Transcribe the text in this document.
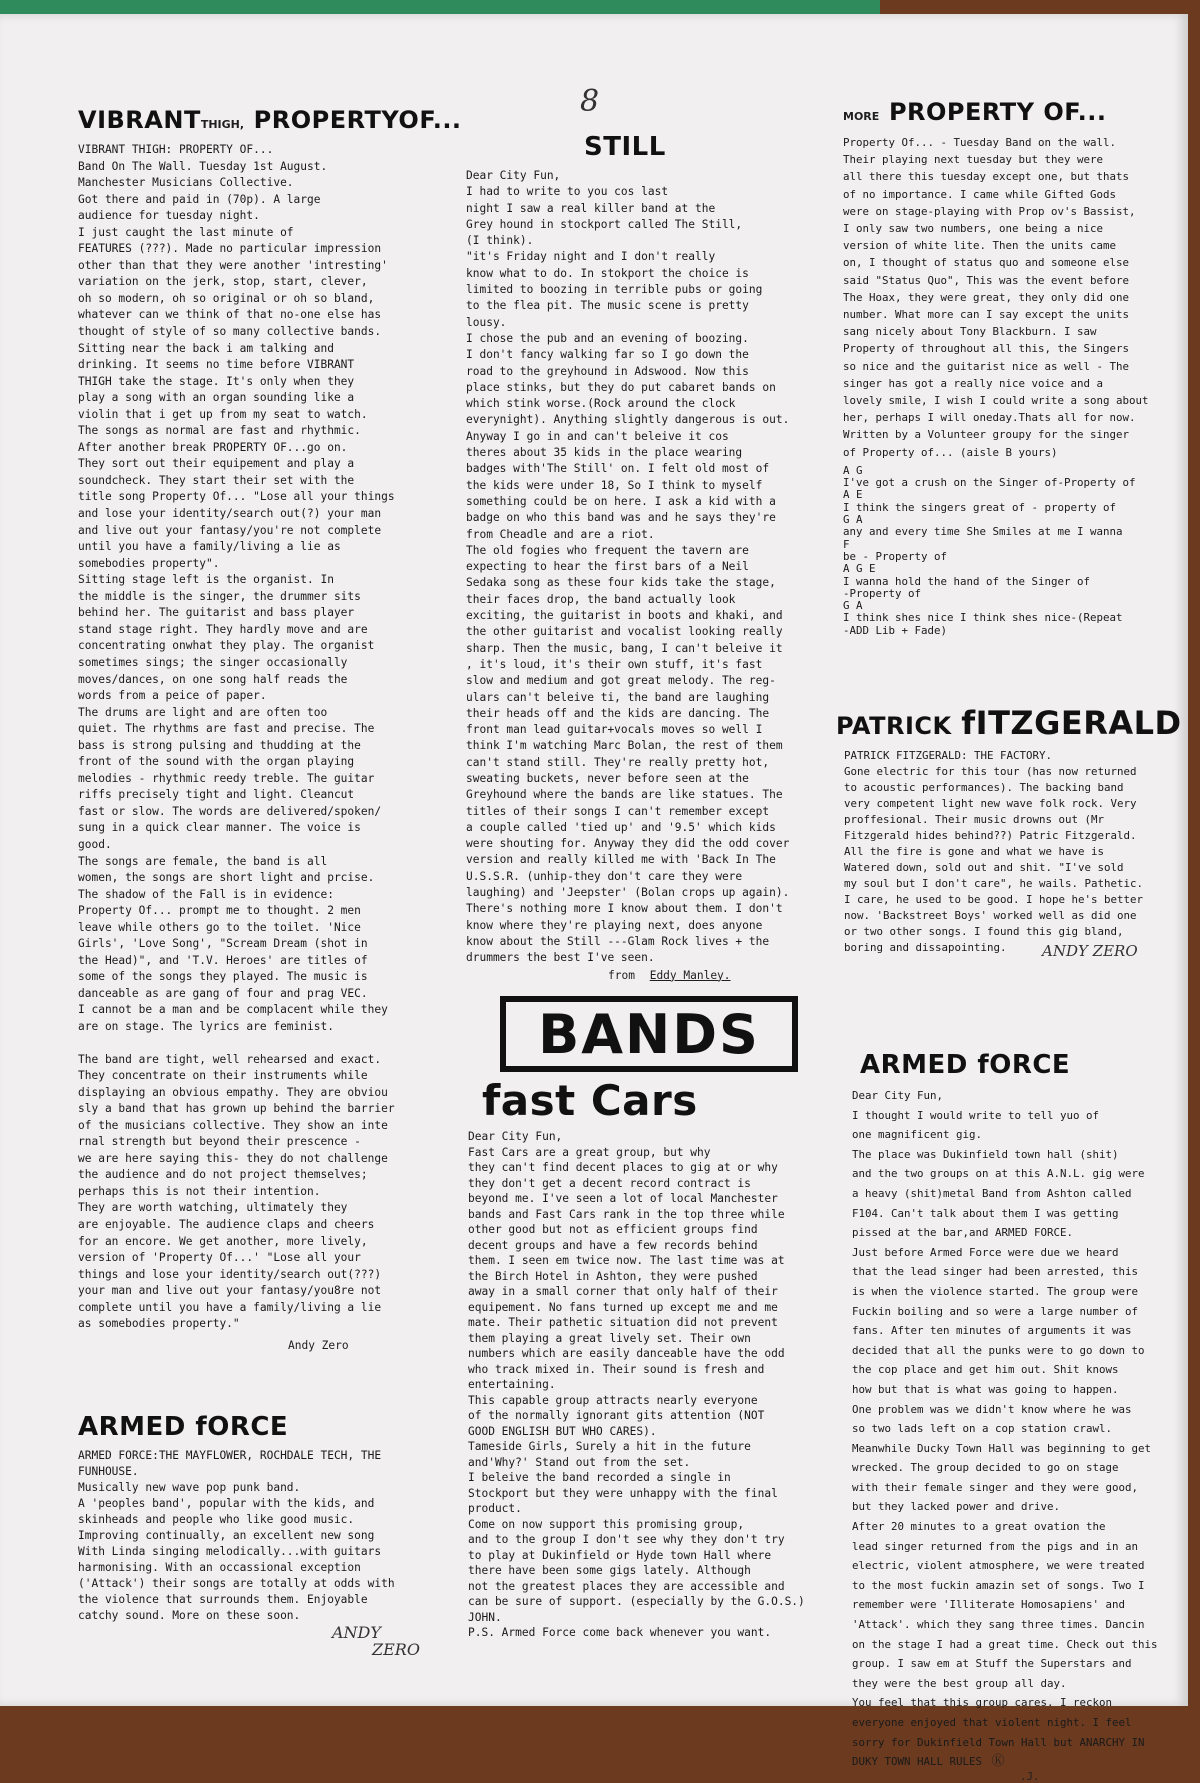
8
VIBRANTTHIGH, PROPERTYOF...

VIBRANT THIGH: PROPERTY OF...
Band On The Wall. Tuesday 1st August.
Manchester Musicians Collective.
Got there and paid in (70p). A large
audience for tuesday night.
I just caught the last minute of
FEATURES (???). Made no particular impression
other than that they were another 'intresting'
variation on the jerk, stop, start, clever,
oh so modern, oh so original or oh so bland,
whatever can we think of that no-one else has
thought of style of so many collective bands.
Sitting near the back i am talking and
drinking. It seems no time before VIBRANT
THIGH take the stage. It's only when they
play a song with an organ sounding like a
violin that i get up from my seat to watch.
The songs as normal are fast and rhythmic.
After another break PROPERTY OF...go on.
They sort out their equipement and play a
soundcheck. They start their set with the
title song Property Of... "Lose all your things
and lose your identity/search out(?) your man
and live out your fantasy/you're not complete
until you have a family/living a lie as
somebodies property".
Sitting stage left is the organist. In
the middle is the singer, the drummer sits
behind her. The guitarist and bass player
stand stage right. They hardly move and are
concentrating onwhat they play. The organist
sometimes sings; the singer occasionally
moves/dances, on one song half reads the
words from a peice of paper.
The drums are light and are often too
quiet. The rhythms are fast and precise. The
bass is strong pulsing and thudding at the
front of the sound with the organ playing
melodies - rhythmic reedy treble. The guitar
riffs precisely tight and light. Cleancut
fast or slow. The words are delivered/spoken/
sung in a quick clear manner. The voice is
good.
The songs are female, the band is all
women, the songs are short light and prcise.
The shadow of the Fall is in evidence:
Property Of... prompt me to thought. 2 men
leave while others go to the toilet. 'Nice
Girls', 'Love Song', "Scream Dream (shot in
the Head)", and 'T.V. Heroes' are titles of
some of the songs they played. The music is
danceable as are gang of four and prag VEC.
I cannot be a man and be complacent while they
are on stage. The lyrics are feminist.

The band are tight, well rehearsed and exact.
They concentrate on their instruments while
displaying an obvious empathy. They are obviou
sly a band that has grown up behind the barrier
of the musicians collective. They show an inte
rnal strength but beyond their prescence -
we are here saying this- they do not challenge
the audience and do not project themselves;
perhaps this is not their intention.
They are worth watching, ultimately they
are enjoyable. The audience claps and cheers
for an encore. We get another, more lively,
version of 'Property Of...' "Lose all your
things and lose your identity/search out(???)
your man and live out your fantasy/you8re not
complete until you have a family/living a lie
as somebodies property."

Andy Zero
ARMED fORCE

ARMED FORCE:THE MAYFLOWER, ROCHDALE TECH, THE
FUNHOUSE.
Musically new wave pop punk band.
A 'peoples band', popular with the kids, and
skinheads and people who like good music.
Improving continually, an excellent new song
With Linda singing melodically...with guitars
harmonising. With an occassional exception
('Attack') their songs are totally at odds with
the violence that surrounds them. Enjoyable
catchy sound. More on these soon.

ANDY
ZERO
STILL

Dear City Fun,
I had to write to you cos last
night I saw a real killer band at the
Grey hound in stockport called The Still,
(I think).
"it's Friday night and I don't really
know what to do. In stokport the choice is
limited to boozing in terrible pubs or going
to the flea pit. The music scene is pretty
lousy.
I chose the pub and an evening of boozing.
I don't fancy walking far so I go down the
road to the greyhound in Adswood. Now this
place stinks, but they do put cabaret bands on
which stink worse.(Rock around the clock
everynight). Anything slightly dangerous is out.
Anyway I go in and can't beleive it cos
theres about 35 kids in the place wearing
badges with'The Still' on. I felt old most of
the kids were under 18, So I think to myself
something could be on here. I ask a kid with a
badge on who this band was and he says they're
from Cheadle and are a riot.
The old fogies who frequent the tavern are
expecting to hear the first bars of a Neil
Sedaka song as these four kids take the stage,
their faces drop, the band actually look
exciting, the guitarist in boots and khaki, and
the other guitarist and vocalist looking really
sharp. Then the music, bang, I can't beleive it
, it's loud, it's their own stuff, it's fast
slow and medium and got great melody. The reg-
ulars can't beleive ti, the band are laughing
their heads off and the kids are dancing. The
front man lead guitar+vocals moves so well I
think I'm watching Marc Bolan, the rest of them
can't stand still. They're really pretty hot,
sweating buckets, never before seen at the
Greyhound where the bands are like statues. The
titles of their songs I can't remember except
a couple called 'tied up' and '9.5' which kids
were shouting for. Anyway they did the odd cover
version and really killed me with 'Back In The
U.S.S.R. (unhip-they don't care they were
laughing) and 'Jeepster' (Bolan crops up again).
There's nothing more I know about them. I don't
know where they're playing next, does anyone
know about the Still ---Glam Rock lives + the
drummers the best I've seen.

from Eddy Manley.
BANDS
fast Cars

Dear City Fun,
Fast Cars are a great group, but why
they can't find decent places to gig at or why
they don't get a decent record contract is
beyond me. I've seen a lot of local Manchester
bands and Fast Cars rank in the top three while
other good but not as efficient groups find
decent groups and have a few records behind
them. I seen em twice now. The last time was at
the Birch Hotel in Ashton, they were pushed
away in a small corner that only half of their
equipement. No fans turned up except me and me
mate. Their pathetic situation did not prevent
them playing a great lively set. Their own
numbers which are easily danceable have the odd
who track mixed in. Their sound is fresh and
entertaining.
This capable group attracts nearly everyone
of the normally ignorant gits attention (NOT
GOOD ENGLISH BUT WHO CARES).
Tameside Girls, Surely a hit in the future
and'Why?' Stand out from the set.
I beleive the band recorded a single in
Stockport but they were unhappy with the final
product.
Come on now support this promising group,
and to the group I don't see why they don't try
to play at Dukinfield or Hyde town Hall where
there have been some gigs lately. Although
not the greatest places they are accessible and
can be sure of support. (especially by the G.O.S.)
JOHN.
P.S. Armed Force come back whenever you want.

MORE PROPERTY OF...

Property Of... - Tuesday Band on the wall.
Their playing next tuesday but they were
all there this tuesday except one, but thats
of no importance. I came while Gifted Gods
were on stage-playing with Prop ov's Bassist,
I only saw two numbers, one being a nice
version of white lite. Then the units came
on, I thought of status quo and someone else
said "Status Quo", This was the event before
The Hoax, they were great, they only did one
number. What more can I say except the units
sang nicely about Tony Blackburn. I saw
Property of throughout all this, the Singers
so nice and the guitarist nice as well - The
singer has got a really nice voice and a
lovely smile, I wish I could write a song about
her, perhaps I will oneday.Thats all for now.
Written by a Volunteer groupy for the singer
of Property of... (aisle B yours)

A G
I've got a crush on the Singer of-Property of
A E
I think the singers great of - property of
G A
any and every time She Smiles at me I wanna
F
be - Property of
A G E
I wanna hold the hand of the Singer of
-Property of
G A
I think shes nice I think shes nice-(Repeat
-ADD Lib + Fade)

PATRICK fITZGERALD

PATRICK FITZGERALD: THE FACTORY.
Gone electric for this tour (has now returned
to acoustic performances). The backing band
very competent light new wave folk rock. Very
proffesional. Their music drowns out (Mr
Fitzgerald hides behind??) Patric Fitzgerald.
All the fire is gone and what we have is
Watered down, sold out and shit. "I've sold
my soul but I don't care", he wails. Pathetic.
I care, he used to be good. I hope he's better
now. 'Backstreet Boys' worked well as did one
or two other songs. I found this gig bland,
boring and dissapointing.	ANDY ZERO
ARMED fORCE

Dear City Fun,
I thought I would write to tell yuo of
one magnificent gig.
The place was Dukinfield town hall (shit)
and the two groups on at this A.N.L. gig were
a heavy (shit)metal Band from Ashton called
F104. Can't talk about them I was getting
pissed at the bar,and ARMED FORCE.
Just before Armed Force were due we heard
that the lead singer had been arrested, this
is when the violence started. The group were
Fuckin boiling and so were a large number of
fans. After ten minutes of arguments it was
decided that all the punks were to go down to
the cop place and get him out. Shit knows
how but that is what was going to happen.
One problem was we didn't know where he was
so two lads left on a cop station crawl.
Meanwhile Ducky Town Hall was beginning to get
wrecked. The group decided to go on stage
with their female singer and they were good,
but they lacked power and drive.
After 20 minutes to a great ovation the
lead singer returned from the pigs and in an
electric, violent atmosphere, we were treated
to the most fuckin amazin set of songs. Two I
remember were 'Illiterate Homosapiens' and
'Attack'. which they sang three times. Dancin
on the stage I had a great time. Check out this
group. I saw em at Stuff the Superstars and
they were the best group all day.
You feel that this group cares. I reckon
everyone enjoyed that violent night. I feel
sorry for Dukinfield Town Hall but ANARCHY IN
DUKY TOWN HALL RULES Ⓚ
.J.
